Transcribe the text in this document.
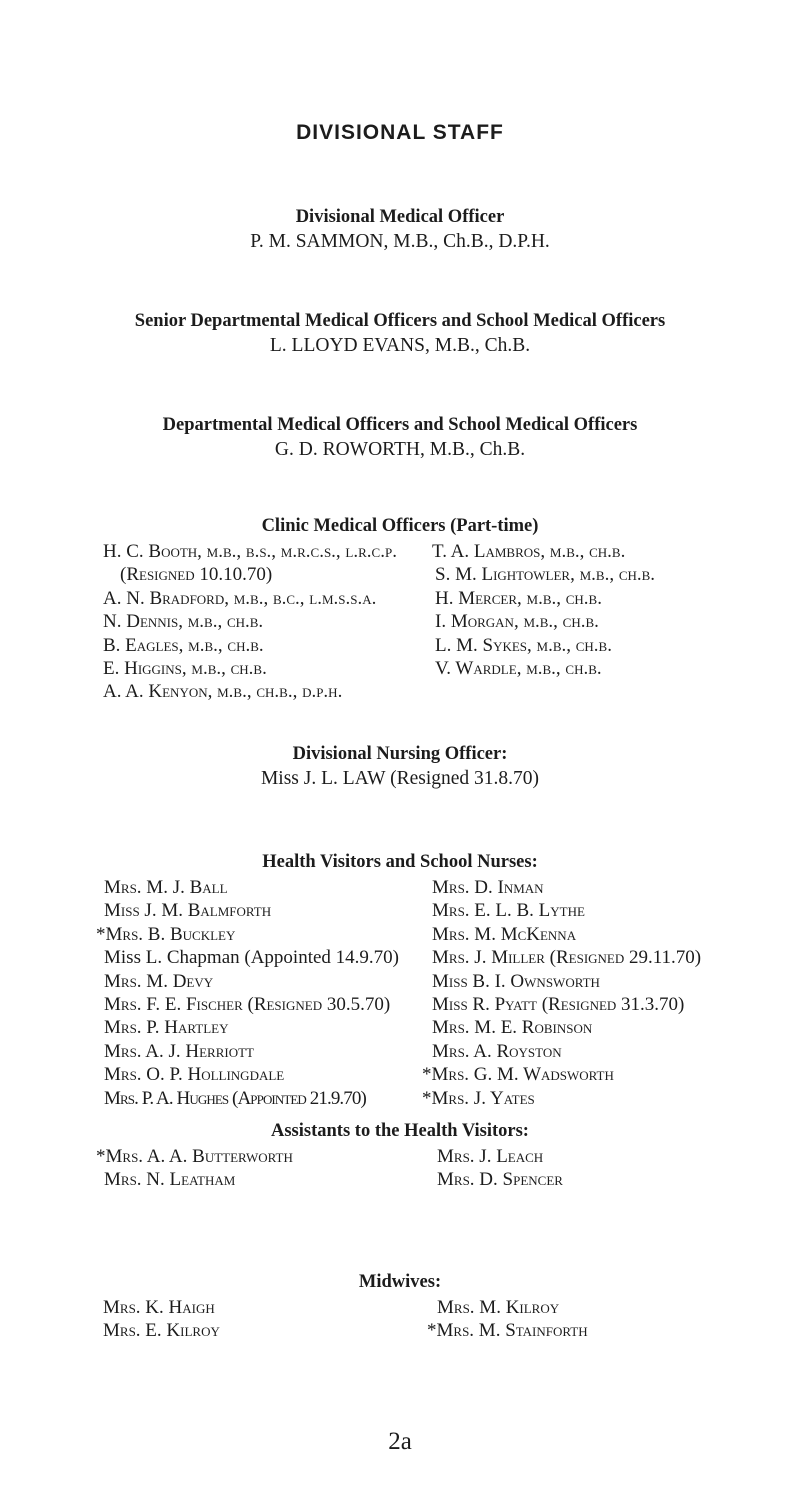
DIVISIONAL STAFF
Divisional Medical Officer
P. M. SAMMON, M.B., Ch.B., D.P.H.
Senior Departmental Medical Officers and School Medical Officers
L. LLOYD EVANS, M.B., Ch.B.
Departmental Medical Officers and School Medical Officers
G. D. ROWORTH, M.B., Ch.B.
Clinic Medical Officers (Part-time)
H. C. Booth, m.b., b.s., m.r.c.s., l.r.c.p.
(Resigned 10.10.70)
A. N. Bradford, m.b., b.c., l.m.s.s.a.
N. Dennis, m.b., ch.b.
B. Eagles, m.b., ch.b.
E. Higgins, m.b., ch.b.
A. A. Kenyon, m.b., ch.b., d.p.h.
T. A. Lambros, m.b., ch.b.
S. M. Lightowler, m.b., ch.b.
H. Mercer, m.b., ch.b.
I. Morgan, m.b., ch.b.
L. M. Sykes, m.b., ch.b.
V. Wardle, m.b., ch.b.
Divisional Nursing Officer:
Miss J. L. LAW (Resigned 31.8.70)
Health Visitors and School Nurses:
Mrs. M. J. Ball
Miss J. M. Balmforth
*Mrs. B. Buckley
Miss L. Chapman (Appointed 14.9.70)
Mrs. M. Devy
Mrs. F. E. Fischer (Resigned 30.5.70)
Mrs. P. Hartley
Mrs. A. J. Herriott
Mrs. O. P. Hollingdale
Mrs. P. A. Hughes (Appointed 21.9.70)
Mrs. D. Inman
Mrs. E. L. B. Lythe
Mrs. M. McKenna
Mrs. J. Miller (Resigned 29.11.70)
Miss B. I. Ownsworth
Miss R. Pyatt (Resigned 31.3.70)
Mrs. M. E. Robinson
Mrs. A. Royston
*Mrs. G. M. Wadsworth
*Mrs. J. Yates
Assistants to the Health Visitors:
*Mrs. A. A. Butterworth
Mrs. N. Leatham
Mrs. J. Leach
Mrs. D. Spencer
Midwives:
Mrs. K. Haigh
Mrs. E. Kilroy
Mrs. M. Kilroy
*Mrs. M. Stainforth
2a
